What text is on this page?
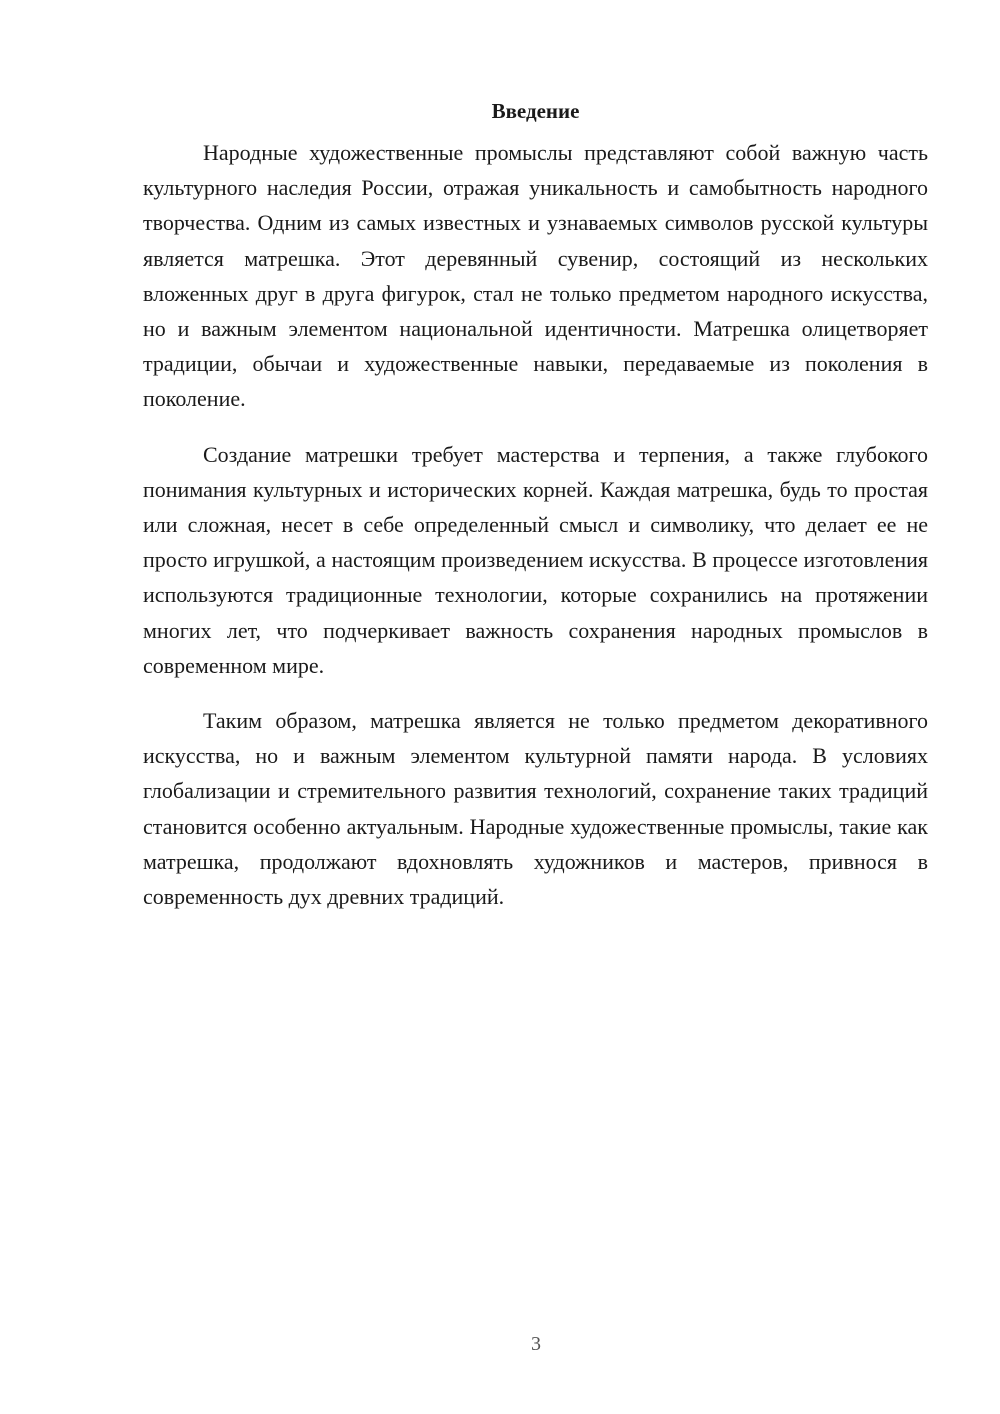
Введение

Народные художественные промыслы представляют собой важную часть культурного наследия России, отражая уникальность и самобытность народного творчества. Одним из самых известных и узнаваемых символов русской культуры является матрешка. Этот деревянный сувенир, состоящий из нескольких вложенных друг в друга фигурок, стал не только предметом народного искусства, но и важным элементом национальной идентичности. Матрешка олицетворяет традиции, обычаи и художественные навыки, передаваемые из поколения в поколение.

Создание матрешки требует мастерства и терпения, а также глубокого понимания культурных и исторических корней. Каждая матрешка, будь то простая или сложная, несет в себе определенный смысл и символику, что делает ее не просто игрушкой, а настоящим произведением искусства. В процессе изготовления используются традиционные технологии, которые сохранились на протяжении многих лет, что подчеркивает важность сохранения народных промыслов в современном мире.

Таким образом, матрешка является не только предметом декоративного искусства, но и важным элементом культурной памяти народа. В условиях глобализации и стремительного развития технологий, сохранение таких традиций становится особенно актуальным. Народные художественные промыслы, такие как матрешка, продолжают вдохновлять художников и мастеров, привнося в современность дух древних традиций.

3
